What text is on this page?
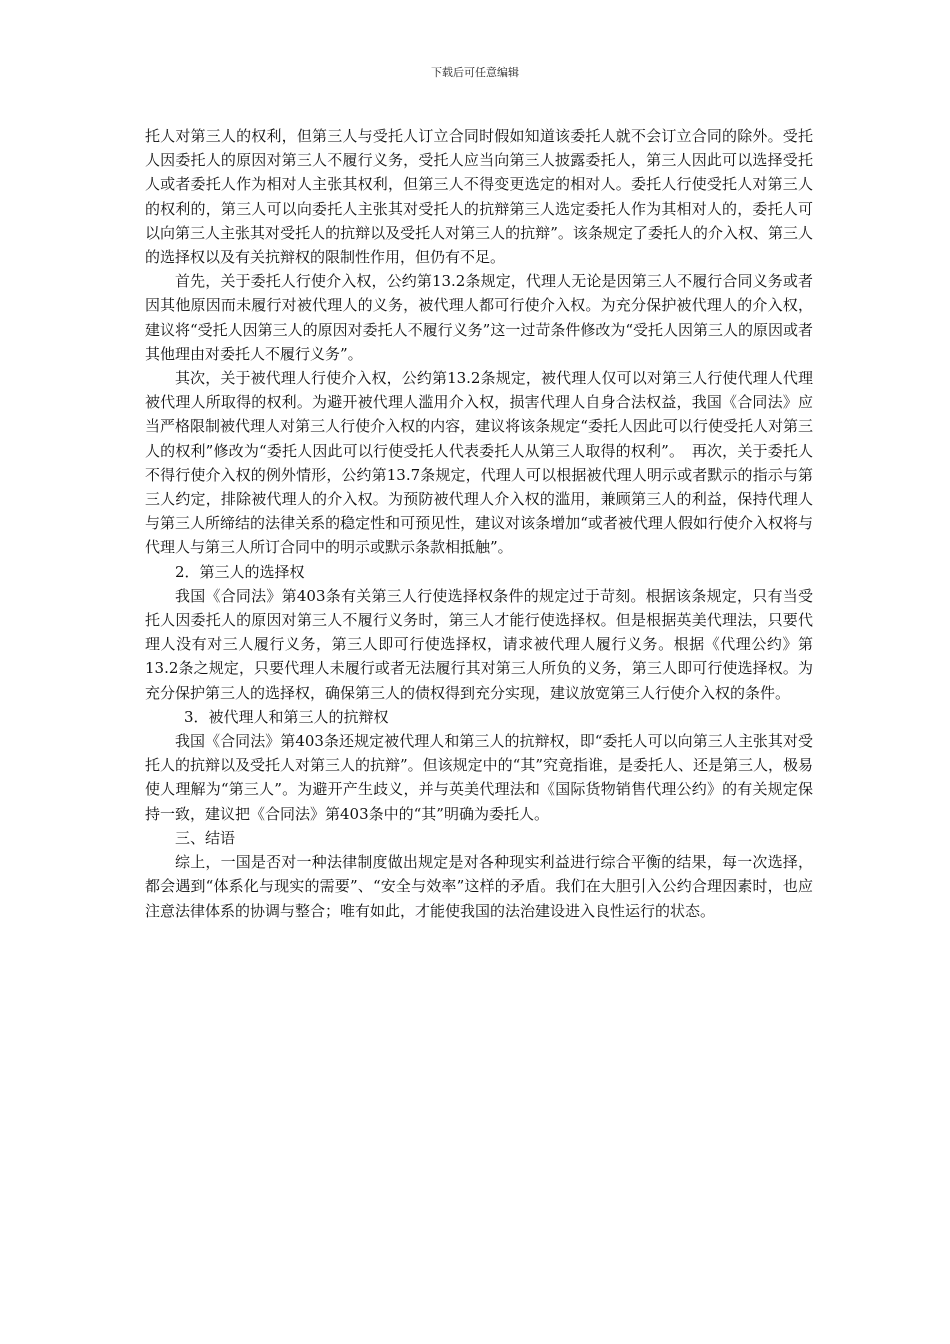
下载后可任意编辑

托人对第三人的权利，但第三人与受托人订立合同时假如知道该委托人就不会订立合同的除外。受托人因委托人的原因对第三人不履行义务，受托人应当向第三人披露委托人，第三人因此可以选择受托人或者委托人作为相对人主张其权利，但第三人不得变更选定的相对人。委托人行使受托人对第三人的权利的，第三人可以向委托人主张其对受托人的抗辩第三人选定委托人作为其相对人的，委托人可以向第三人主张其对受托人的抗辩以及受托人对第三人的抗辩”。该条规定了委托人的介入权、第三人的选择权以及有关抗辩权的限制性作用，但仍有不足。

首先，关于委托人行使介入权，公约第13.2条规定，代理人无论是因第三人不履行合同义务或者因其他原因而未履行对被代理人的义务，被代理人都可行使介入权。为充分保护被代理人的介入权，建议将“受托人因第三人的原因对委托人不履行义务”这一过苛条件修改为“受托人因第三人的原因或者其他理由对委托人不履行义务”。

其次，关于被代理人行使介入权，公约第13.2条规定，被代理人仅可以对第三人行使代理人代理被代理人所取得的权利。为避开被代理人滥用介入权，损害代理人自身合法权益，我国《合同法》应当严格限制被代理人对第三人行使介入权的内容，建议将该条规定“委托人因此可以行使受托人对第三人的权利”修改为“委托人因此可以行使受托人代表委托人从第三人取得的权利”。　再次，关于委托人不得行使介入权的例外情形，公约第13.7条规定，代理人可以根据被代理人明示或者默示的指示与第三人约定，排除被代理人的介入权。为预防被代理人介入权的滥用，兼顾第三人的利益，保持代理人与第三人所缔结的法律关系的稳定性和可预见性，建议对该条增加“或者被代理人假如行使介入权将与代理人与第三人所订合同中的明示或默示条款相抵触”。

2．第三人的选择权

我国《合同法》第403条有关第三人行使选择权条件的规定过于苛刻。根据该条规定，只有当受托人因委托人的原因对第三人不履行义务时，第三人才能行使选择权。但是根据英美代理法，只要代理人没有对三人履行义务，第三人即可行使选择权，请求被代理人履行义务。根据《代理公约》第13.2条之规定，只要代理人未履行或者无法履行其对第三人所负的义务，第三人即可行使选择权。为充分保护第三人的选择权，确保第三人的债权得到充分实现，建议放宽第三人行使介入权的条件。

3．被代理人和第三人的抗辩权

我国《合同法》第403条还规定被代理人和第三人的抗辩权，即“委托人可以向第三人主张其对受托人的抗辩以及受托人对第三人的抗辩”。但该规定中的“其”究竟指谁，是委托人、还是第三人，极易使人理解为“第三人”。为避开产生歧义，并与英美代理法和《国际货物销售代理公约》的有关规定保持一致，建议把《合同法》第403条中的“其”明确为委托人。

三、结语

综上，一国是否对一种法律制度做出规定是对各种现实利益进行综合平衡的结果，每一次选择，都会遇到“体系化与现实的需要”、“安全与效率”这样的矛盾。我们在大胆引入公约合理因素时，也应注意法律体系的协调与整合；唯有如此，才能使我国的法治建设进入良性运行的状态。
